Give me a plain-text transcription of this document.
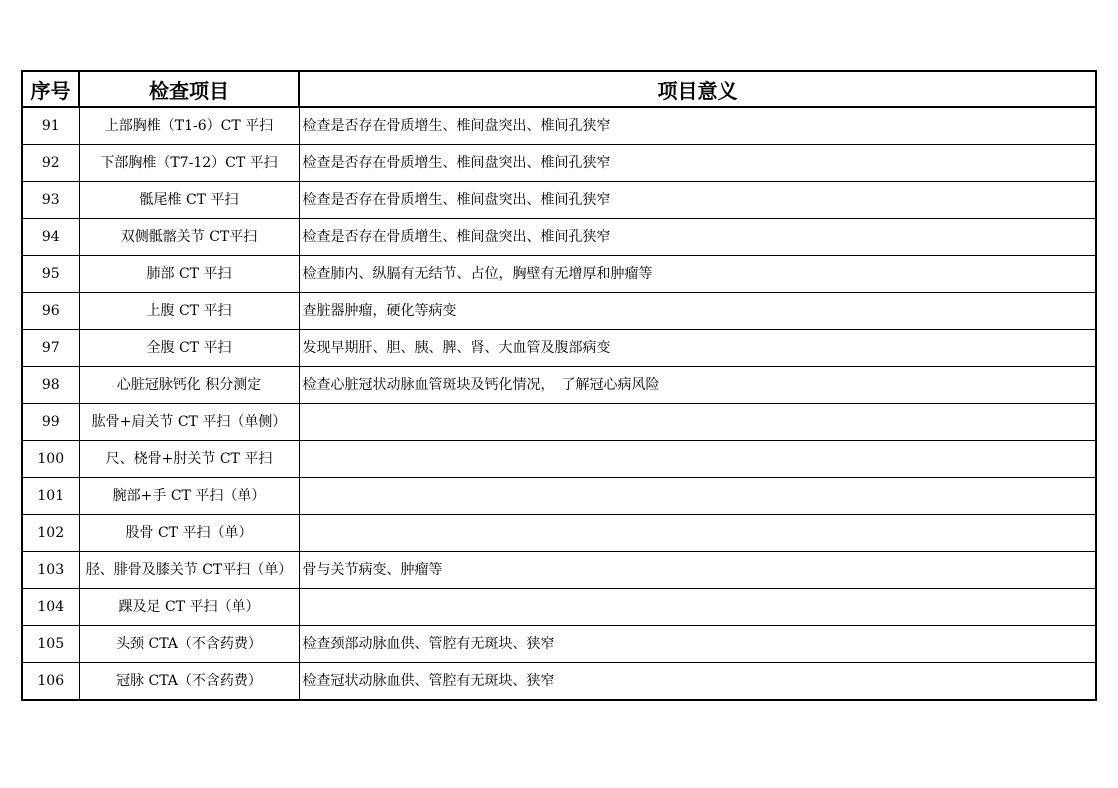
序号	检查项目	项目意义
91	上部胸椎（T1-6）CT 平扫	检查是否存在骨质增生、椎间盘突出、椎间孔狭窄
92	下部胸椎（T7-12）CT 平扫	检查是否存在骨质增生、椎间盘突出、椎间孔狭窄
93	骶尾椎 CT 平扫	检查是否存在骨质增生、椎间盘突出、椎间孔狭窄
94	双侧骶髂关节 CT平扫	检查是否存在骨质增生、椎间盘突出、椎间孔狭窄
95	肺部 CT 平扫	检查肺内、纵膈有无结节、占位，胸壁有无增厚和肿瘤等
96	上腹 CT 平扫	查脏器肿瘤，硬化等病变
97	全腹 CT 平扫	发现早期肝、胆、胰、脾、肾、大血管及腹部病变
98	心脏冠脉钙化 积分测定	检查心脏冠状动脉血管斑块及钙化情况，　了解冠心病风险
99	肱骨+肩关节 CT 平扫（单侧）	
100	尺、桡骨+肘关节 CT 平扫	
101	腕部+手 CT 平扫（单）	
102	股骨 CT 平扫（单）	
103	胫、腓骨及膝关节 CT平扫（单）	骨与关节病变、肿瘤等
104	踝及足 CT 平扫（单）	
105	头颈 CTA（不含药费）	检查颈部动脉血供、管腔有无斑块、狭窄
106	冠脉 CTA（不含药费）	检查冠状动脉血供、管腔有无斑块、狭窄
